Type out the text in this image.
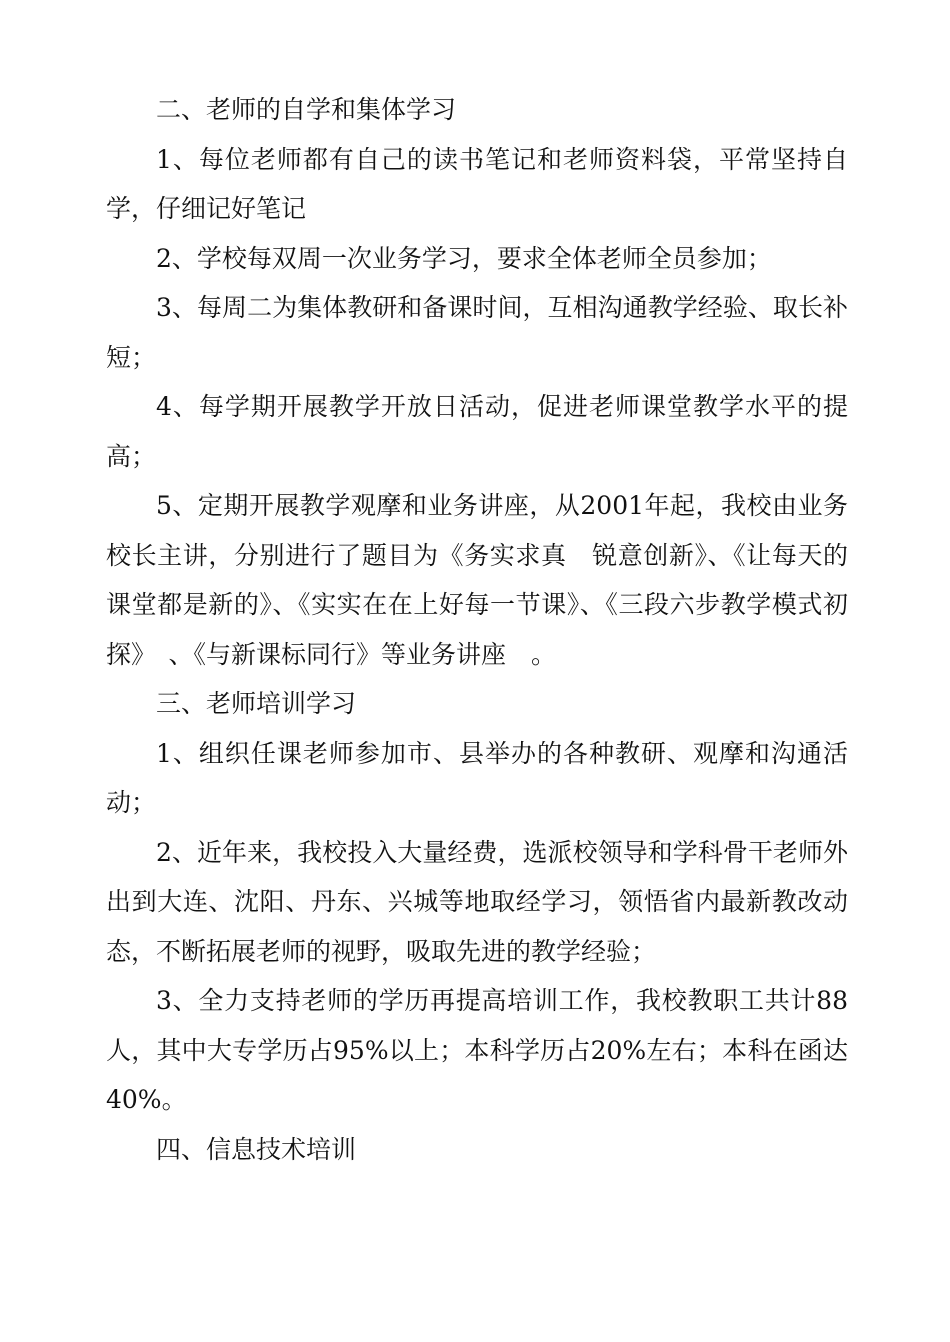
二、老师的自学和集体学习

1、每位老师都有自己的读书笔记和老师资料袋，平常坚持自学，仔细记好笔记

2、学校每双周一次业务学习，要求全体老师全员参加；

3、每周二为集体教研和备课时间，互相沟通教学经验、取长补短；

4、每学期开展教学开放日活动，促进老师课堂教学水平的提高；

5、定期开展教学观摩和业务讲座，从2001年起，我校由业务校长主讲，分别进行了题目为《务实求真　锐意创新》、《让每天的课堂都是新的》、《实实在在上好每一节课》、《三段六步教学模式初探》　、《与新课标同行》等业务讲座　。

三、老师培训学习

1、组织任课老师参加市、县举办的各种教研、观摩和沟通活动；

2、近年来，我校投入大量经费，选派校领导和学科骨干老师外出到大连、沈阳、丹东、兴城等地取经学习，领悟省内最新教改动态，不断拓展老师的视野，吸取先进的教学经验；

3、全力支持老师的学历再提高培训工作，我校教职工共计88人，其中大专学历占95%以上；本科学历占20%左右；本科在函达40%。

四、信息技术培训
